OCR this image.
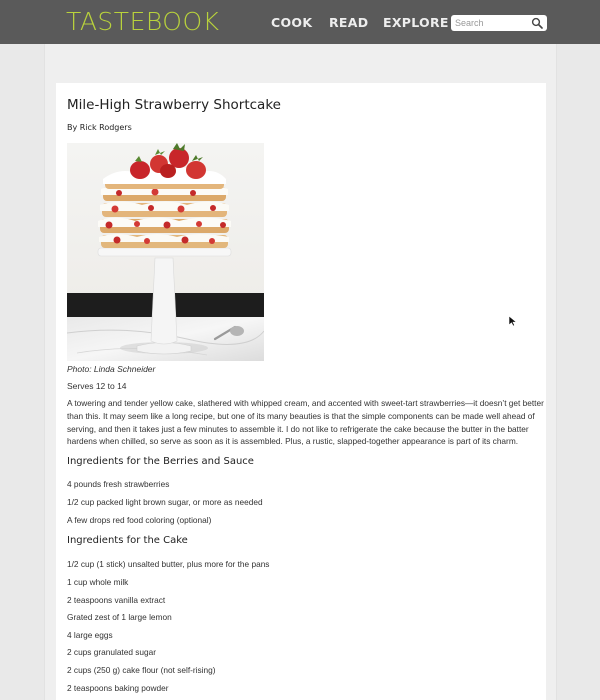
TASTEBOOK	COOK READ EXPLORE
Search
Mile-High Strawberry Shortcake
By Rick Rodgers
Photo: Linda Schneider
Serves 12 to 14
A towering and tender yellow cake, slathered with whipped cream, and accented with sweet-tart strawberries—it doesn’t get better than this. It may seem like a long recipe, but one of its many beauties is that the simple components can be made well ahead of serving, and then it takes just a few minutes to assemble it. I do not like to refrigerate the cake because the butter in the batter hardens when chilled, so serve as soon as it is assembled. Plus, a rustic, slapped-together appearance is part of its charm.
Ingredients for the Berries and Sauce
4 pounds fresh strawberries
1/2 cup packed light brown sugar, or more as needed
A few drops red food coloring (optional)
Ingredients for the Cake
1/2 cup (1 stick) unsalted butter, plus more for the pans
1 cup whole milk
2 teaspoons vanilla extract
Grated zest of 1 large lemon
4 large eggs
2 cups granulated sugar
2 cups (250 g) cake flour (not self-rising)
2 teaspoons baking powder
